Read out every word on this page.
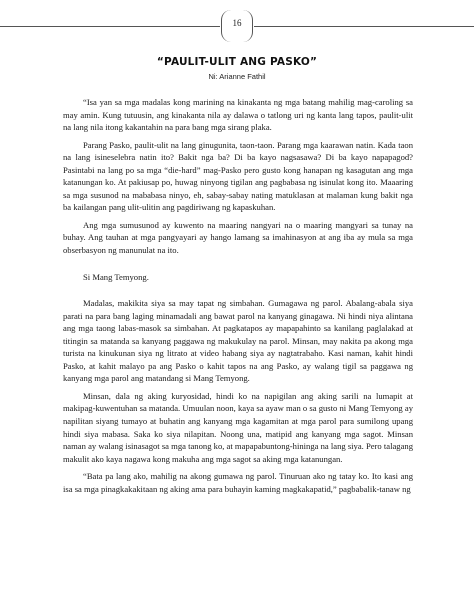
16
“PAULIT-ULIT ANG PASKO”
Ni: Arianne Fathil

“Isa yan sa mga madalas kong marining na kinakanta ng mga batang mahilig mag-caroling sa may amin. Kung tutuusin, ang kinakanta nila ay dalawa o tatlong uri ng kanta lang tapos, paulit-ulit na lang nila itong kakantahin na para bang mga sirang plaka.

Parang Pasko, paulit-ulit na lang ginugunita, taon-taon. Parang mga kaarawan natin. Kada taon na lang isineselebra natin ito? Bakit nga ba? Di ba kayo nagsasawa? Di ba kayo napapagod? Pasintabi na lang po sa mga “die-hard” mag-Pasko pero gusto kong hanapan ng kasagutan ang mga katanungan ko. At pakiusap po, huwag ninyong tigilan ang pagbabasa ng isinulat kong ito. Maaaring sa mga susunod na mababasa ninyo, eh, sabay-sabay nating matuklasan at malaman kung bakit nga ba kailangan pang ulit-ulitin ang pagdiriwang ng kapaskuhan.

Ang mga sumusunod ay kuwento na maaring nangyari na o maaring mangyari sa tunay na buhay. Ang tauhan at mga pangyayari ay hango lamang sa imahinasyon at ang iba ay mula sa mga obserbasyon ng manunulat na ito.

Si Mang Temyong.

Madalas, makikita siya sa may tapat ng simbahan. Gumagawa ng parol. Abalang-abala siya parati na para bang laging minamadali ang bawat parol na kanyang ginagawa. Ni hindi niya alintana ang mga taong labas-masok sa simbahan. At pagkatapos ay mapapahinto sa kanilang paglalakad at titingin sa matanda sa kanyang paggawa ng makukulay na parol. Minsan, may nakita pa akong mga turista na kinukunan siya ng litrato at video habang siya ay nagtatrabaho. Kasi naman, kahit hindi Pasko, at kahit malayo pa ang Pasko o kahit tapos na ang Pasko, ay walang tigil sa paggawa ng kanyang mga parol ang matandang si Mang Temyong.

Minsan, dala ng aking kuryosidad, hindi ko na napigilan ang aking sarili na lumapit at makipag-kuwentuhan sa matanda. Umuulan noon, kaya sa ayaw man o sa gusto ni Mang Temyong ay napilitan siyang tumayo at buhatin ang kanyang mga kagamitan at mga parol para sumilong upang hindi siya mabasa. Saka ko siya nilapitan. Noong una, matipid ang kanyang mga sagot. Minsan naman ay walang isinasagot sa mga tanong ko, at mapapabuntong-hininga na lang siya. Pero talagang makulit ako kaya nagawa kong makuha ang mga sagot sa aking mga katanungan.

“Bata pa lang ako, mahilig na akong gumawa ng parol. Tinuruan ako ng tatay ko. Ito kasi ang isa sa mga pinagkakakitaan ng aking ama para buhayin kaming magkakapatid,” pagbabalik-tanaw ng
